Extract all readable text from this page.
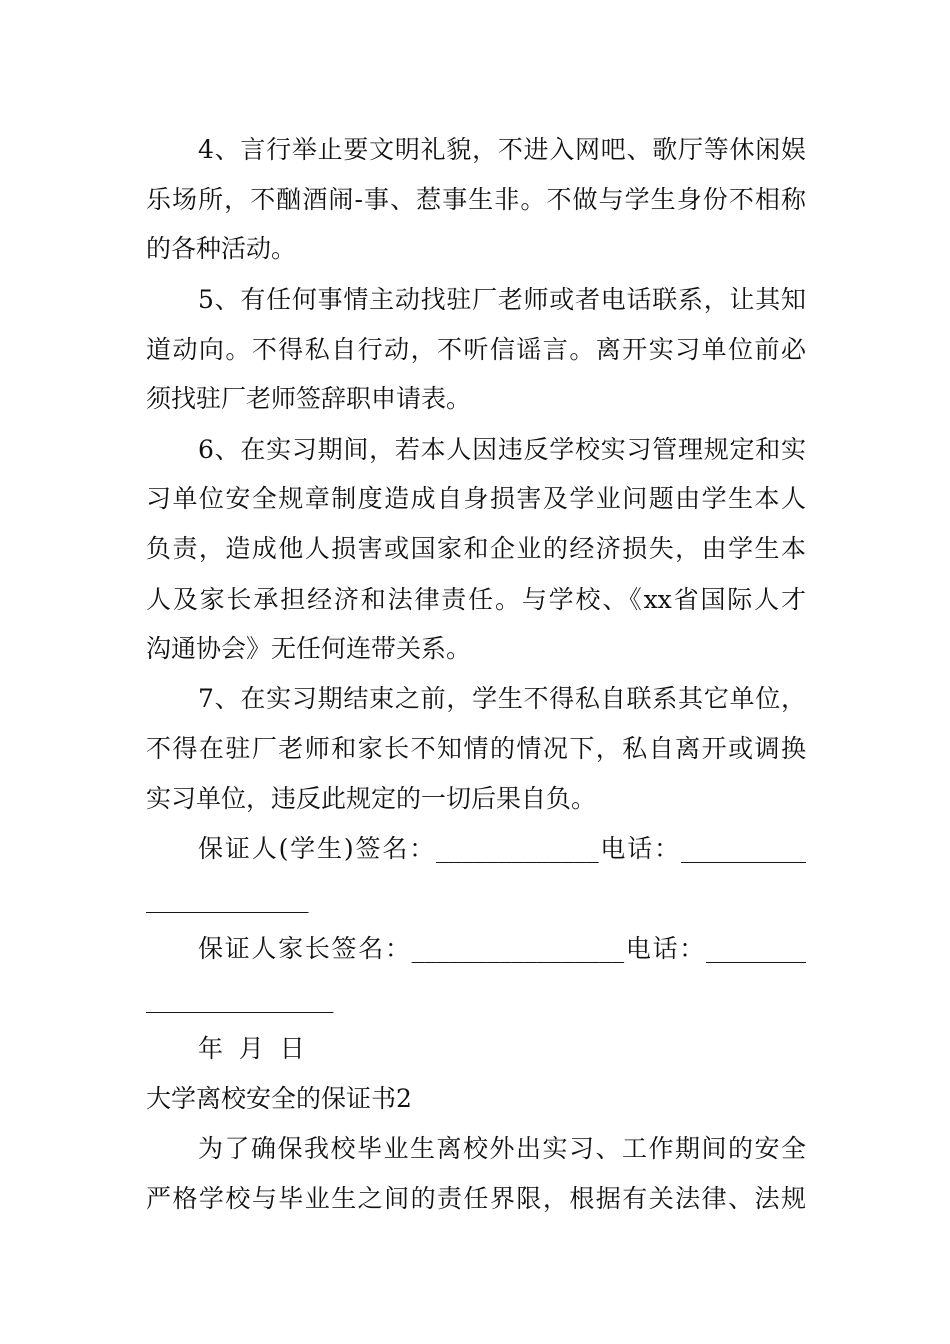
4、言行举止要文明礼貌，不进入网吧、歌厅等休闲娱
乐场所，不酗酒闹-事、惹事生非。不做与学生身份不相称
的各种活动。
5、有任何事情主动找驻厂老师或者电话联系，让其知
道动向。不得私自行动，不听信谣言。离开实习单位前必
须找驻厂老师签辞职申请表。
6、在实习期间，若本人因违反学校实习管理规定和实
习单位安全规章制度造成自身损害及学业问题由学生本人
负责，造成他人损害或国家和企业的经济损失，由学生本
人及家长承担经济和法律责任。与学校、《xx省国际人才
沟通协会》无任何连带关系。
7、在实习期结束之前，学生不得私自联系其它单位，
不得在驻厂老师和家长不知情的情况下，私自离开或调换
实习单位，违反此规定的一切后果自负。
保证人(学生)签名：_____________电话：__________
_____________
保证人家长签名：_________________电话：________
_______________
年  月  日
大学离校安全的保证书2
为了确保我校毕业生离校外出实习、工作期间的安全
严格学校与毕业生之间的责任界限，根据有关法律、法规
